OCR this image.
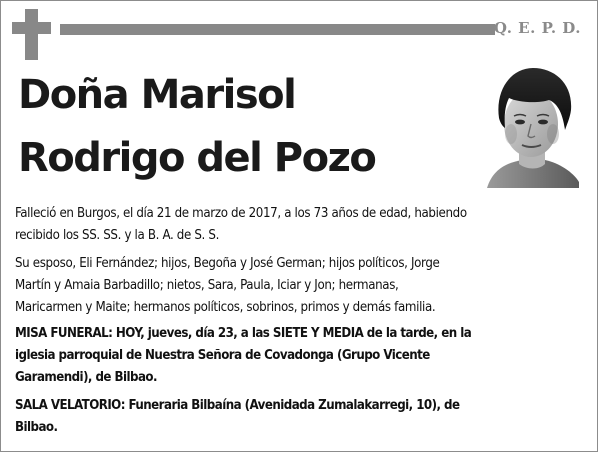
Q. E. P. D.
Doña Marisol
Rodrigo del Pozo
Falleció en Burgos, el día 21 de marzo de 2017, a los 73 años de edad, habiendo
recibido los SS. SS. y la B. A. de S. S.
Su esposo, Eli Fernández; hijos, Begoña y José German; hijos políticos, Jorge
Martín y Amaia Barbadillo; nietos, Sara, Paula, Iciar y Jon; hermanas,
Maricarmen y Maite; hermanos políticos, sobrinos, primos y demás familia.
MISA FUNERAL: HOY, jueves, día 23, a las SIETE Y MEDIA de la tarde, en la
iglesia parroquial de Nuestra Señora de Covadonga (Grupo Vicente
Garamendi), de Bilbao.
SALA VELATORIO: Funeraria Bilbaína (Avenidada Zumalakarregi, 10), de
Bilbao.
